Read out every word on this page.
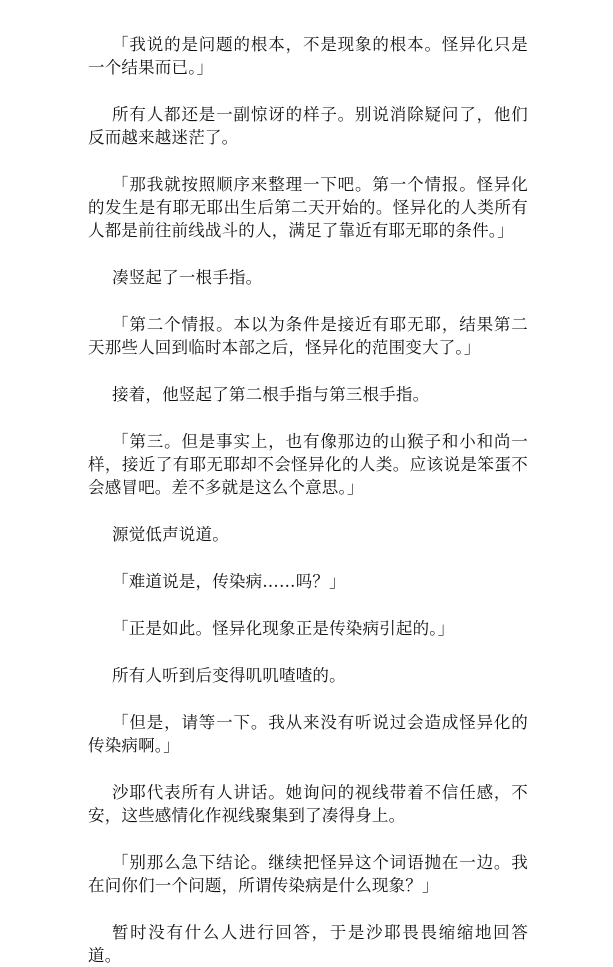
「我说的是问题的根本，不是现象的根本。怪异化只是一个结果而已。」

所有人都还是一副惊讶的样子。别说消除疑问了，他们反而越来越迷茫了。

「那我就按照顺序来整理一下吧。第一个情报。怪异化的发生是有耶无耶出生后第二天开始的。怪异化的人类所有人都是前往前线战斗的人，满足了靠近有耶无耶的条件。」

凑竖起了一根手指。

「第二个情报。本以为条件是接近有耶无耶，结果第二天那些人回到临时本部之后，怪异化的范围变大了。」

接着，他竖起了第二根手指与第三根手指。

「第三。但是事实上，也有像那边的山猴子和小和尚一样，接近了有耶无耶却不会怪异化的人类。应该说是笨蛋不会感冒吧。差不多就是这么个意思。」

源觉低声说道。

「难道说是，传染病……吗？」

「正是如此。怪异化现象正是传染病引起的。」

所有人听到后变得叽叽喳喳的。

「但是，请等一下。我从来没有听说过会造成怪异化的传染病啊。」

沙耶代表所有人讲话。她询问的视线带着不信任感，不安，这些感情化作视线聚集到了凑得身上。

「别那么急下结论。继续把怪异这个词语抛在一边。我在问你们一个问题，所谓传染病是什么现象？」

暂时没有什么人进行回答，于是沙耶畏畏缩缩地回答道。
